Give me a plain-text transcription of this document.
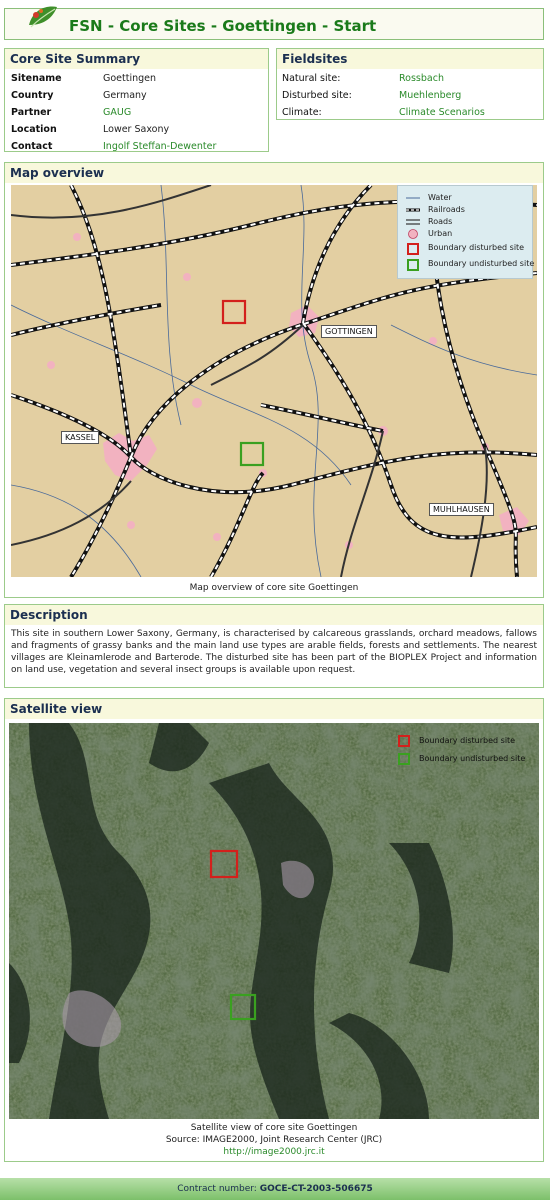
FSN - Core Sites - Goettingen - Start
Core Site Summary
Sitename	Goettingen
Country	Germany
Partner	GAUG
Location	Lower Saxony
Contact	Ingolf Steffan-Dewenter
Fieldsites
Natural site:	Rossbach
Disturbed site:	Muehlenberg
Climate:	Climate Scenarios
Map overview
GOTTINGEN
KASSEL
MUHLHAUSEN
Water
Railroads
Roads
Urban
Boundary disturbed site
Boundary undisturbed site
Map overview of core site Goettingen
Description
This site in southern Lower Saxony, Germany, is characterised by calcareous grasslands, orchard meadows, fallows and fragments of grassy banks and the main land use types are arable fields, forests and settlements. The nearest villages are Kleinamlerode and Barterode. The disturbed site has been part of the BIOPLEX Project and information on land use, vegetation and several insect groups is available upon request.
Satellite view
Boundary disturbed site
Boundary undisturbed site
Satellite view of core site Goettingen
Source: IMAGE2000, Joint Research Center (JRC)
http://image2000.jrc.it
Contract number: GOCE-CT-2003-506675
